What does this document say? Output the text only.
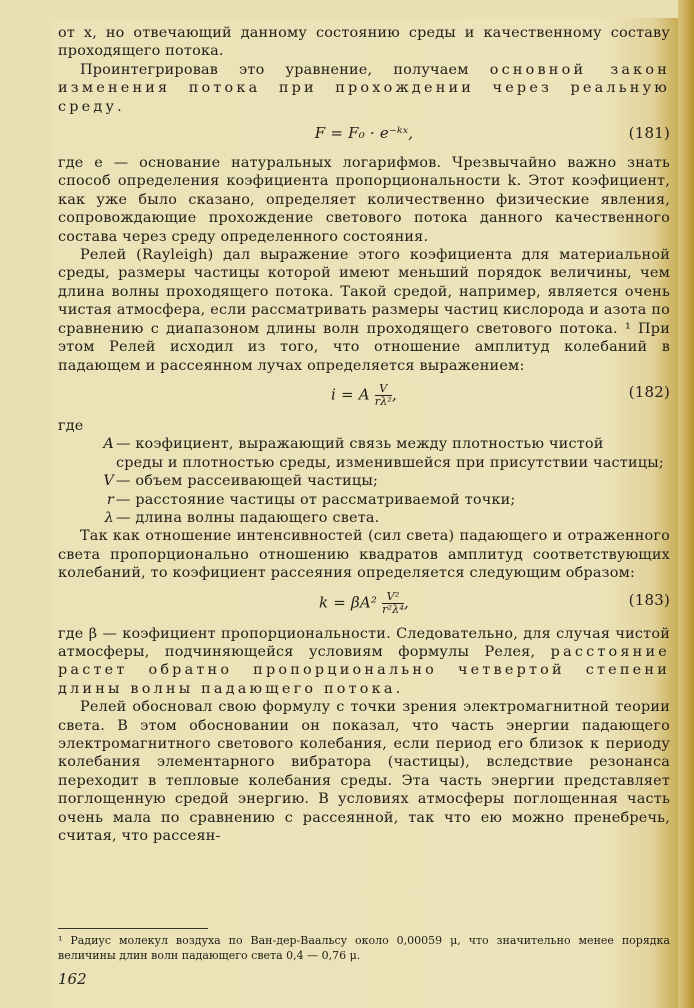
от x, но отвечающий данному состоянию среды и качественному составу проходящего потока.

Проинтегрировав это уравнение, получаем основной закон изменения потока при прохождении через реальную среду.

F = F₀ · e⁻ᵏˣ,	(181)

где e — основание натуральных логарифмов. Чрезвычайно важно знать способ определения коэфициента пропорциональности k. Этот коэфициент, как уже было сказано, определяет количественно физические явления, сопровождающие прохождение светового потока данного качественного состава через среду определенного состояния.

Релей (Rayleigh) дал выражение этого коэфициента для материальной среды, размеры частицы которой имеют меньший порядок величины, чем длина волны проходящего потока. Такой средой, например, является очень чистая атмосфера, если рассматривать размеры частиц кислорода и азота по сравнению с диапазоном длины волн проходящего светового потока. ¹ При этом Релей исходил из того, что отношение амплитуд колебаний в падающем и рассеянном лучах определяется выражением:

i = A $\frac{V}{\text{rλ²}}$ ,	(182)

где

A — коэфициент, выражающий связь между плотностью чистой
среды и плотностью среды, изменившейся при присутствии частицы;
V — объем рассеивающей частицы;
r — расстояние частицы от рассматриваемой точки;
λ — длина волны падающего света.

Так как отношение интенсивностей (сил света) падающего и отраженного света пропорционально отношению квадратов амплитуд соответствующих колебаний, то коэфициент рассеяния определяется следующим образом:

$k = \beta A^2 \frac{\text{V²}}{\text{r²λ⁴}}$ ,	(183)

где β — коэфициент пропорциональности. Следовательно, для случая чистой атмосферы, подчиняющейся условиям формулы Релея, расстояние растет обратно пропорционально четвертой степени длины волны падающего потока.

Релей обосновал свою формулу с точки зрения электромагнитной теории света. В этом обосновании он показал, что часть энергии падающего электромагнитного светового колебания, если период его близок к периоду колебания элементарного вибратора (частицы), вследствие резонанса переходит в тепловые колебания среды. Эта часть энергии представляет поглощенную средой энергию. В условиях атмосферы поглощенная часть очень мала по сравнению с рассеянной, так что ею можно пренебречь, считая, что рассеян-

¹ Радиус молекул воздуха по Ван-дер-Ваальсу около 0,00059 μ, что значительно менее порядка величины длин волн падающего света 0,4 — 0,76 μ.
162
